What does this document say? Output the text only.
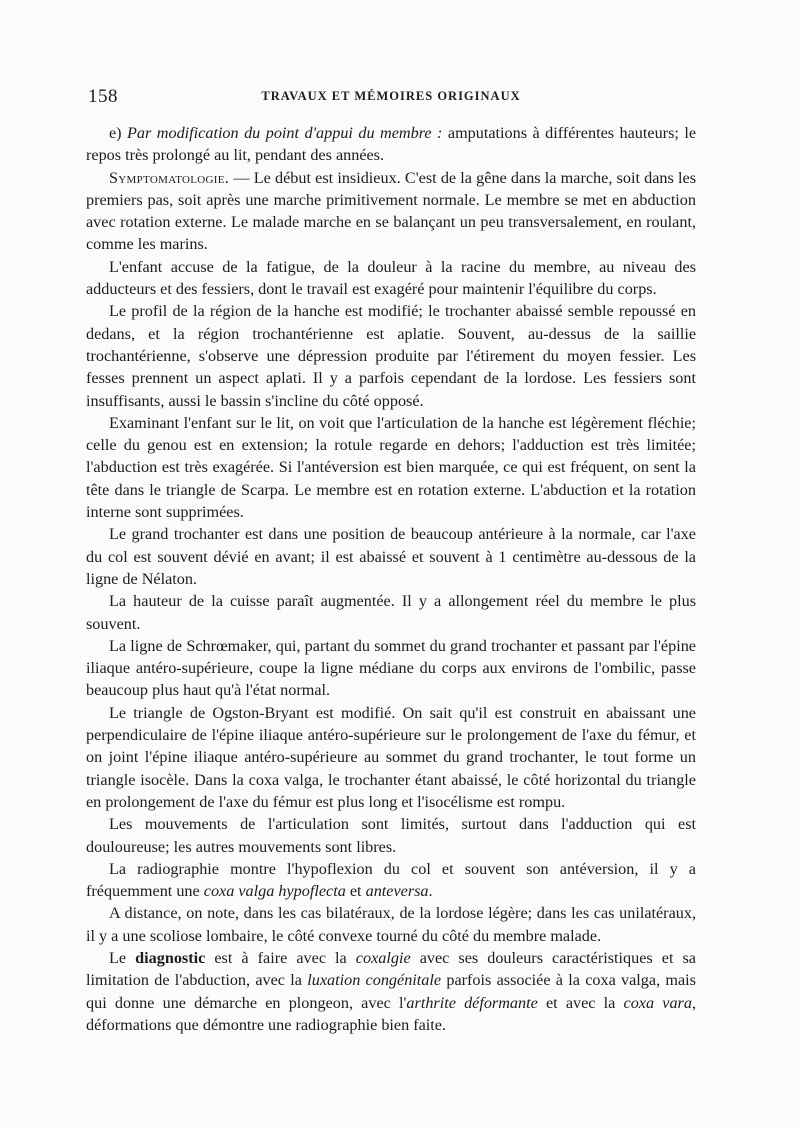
158	TRAVAUX ET MÉMOIRES ORIGINAUX

e) Par modification du point d'appui du membre : amputations à différentes hauteurs; le repos très prolongé au lit, pendant des années.

Symptomatologie. — Le début est insidieux. C'est de la gêne dans la marche, soit dans les premiers pas, soit après une marche primitivement normale. Le membre se met en abduction avec rotation externe. Le malade marche en se balançant un peu transversalement, en roulant, comme les marins.

L'enfant accuse de la fatigue, de la douleur à la racine du membre, au niveau des adducteurs et des fessiers, dont le travail est exagéré pour maintenir l'équilibre du corps.

Le profil de la région de la hanche est modifié; le trochanter abaissé semble repoussé en dedans, et la région trochantérienne est aplatie. Souvent, au-dessus de la saillie trochantérienne, s'observe une dépression produite par l'étirement du moyen fessier. Les fesses prennent un aspect aplati. Il y a parfois cependant de la lordose. Les fessiers sont insuffisants, aussi le bassin s'incline du côté opposé.

Examinant l'enfant sur le lit, on voit que l'articulation de la hanche est légèrement fléchie; celle du genou est en extension; la rotule regarde en dehors; l'adduction est très limitée; l'abduction est très exagérée. Si l'antéversion est bien marquée, ce qui est fréquent, on sent la tête dans le triangle de Scarpa. Le membre est en rotation externe. L'abduction et la rotation interne sont supprimées.

Le grand trochanter est dans une position de beaucoup antérieure à la normale, car l'axe du col est souvent dévié en avant; il est abaissé et souvent à 1 centimètre au-dessous de la ligne de Nélaton.

La hauteur de la cuisse paraît augmentée. Il y a allongement réel du membre le plus souvent.

La ligne de Schrœmaker, qui, partant du sommet du grand trochanter et passant par l'épine iliaque antéro-supérieure, coupe la ligne médiane du corps aux environs de l'ombilic, passe beaucoup plus haut qu'à l'état normal.

Le triangle de Ogston-Bryant est modifié. On sait qu'il est construit en abaissant une perpendiculaire de l'épine iliaque antéro-supérieure sur le prolongement de l'axe du fémur, et on joint l'épine iliaque antéro-supérieure au sommet du grand trochanter, le tout forme un triangle isocèle. Dans la coxa valga, le trochanter étant abaissé, le côté horizontal du triangle en prolongement de l'axe du fémur est plus long et l'isocélisme est rompu.

Les mouvements de l'articulation sont limités, surtout dans l'adduction qui est douloureuse; les autres mouvements sont libres.

La radiographie montre l'hypoflexion du col et souvent son antéversion, il y a fréquemment une coxa valga hypoflecta et anteversa.

A distance, on note, dans les cas bilatéraux, de la lordose légère; dans les cas unilatéraux, il y a une scoliose lombaire, le côté convexe tourné du côté du membre malade.

Le diagnostic est à faire avec la coxalgie avec ses douleurs caractéristiques et sa limitation de l'abduction, avec la luxation congénitale parfois associée à la coxa valga, mais qui donne une démarche en plongeon, avec l'arthrite déformante et avec la coxa vara, déformations que démontre une radiographie bien faite.
